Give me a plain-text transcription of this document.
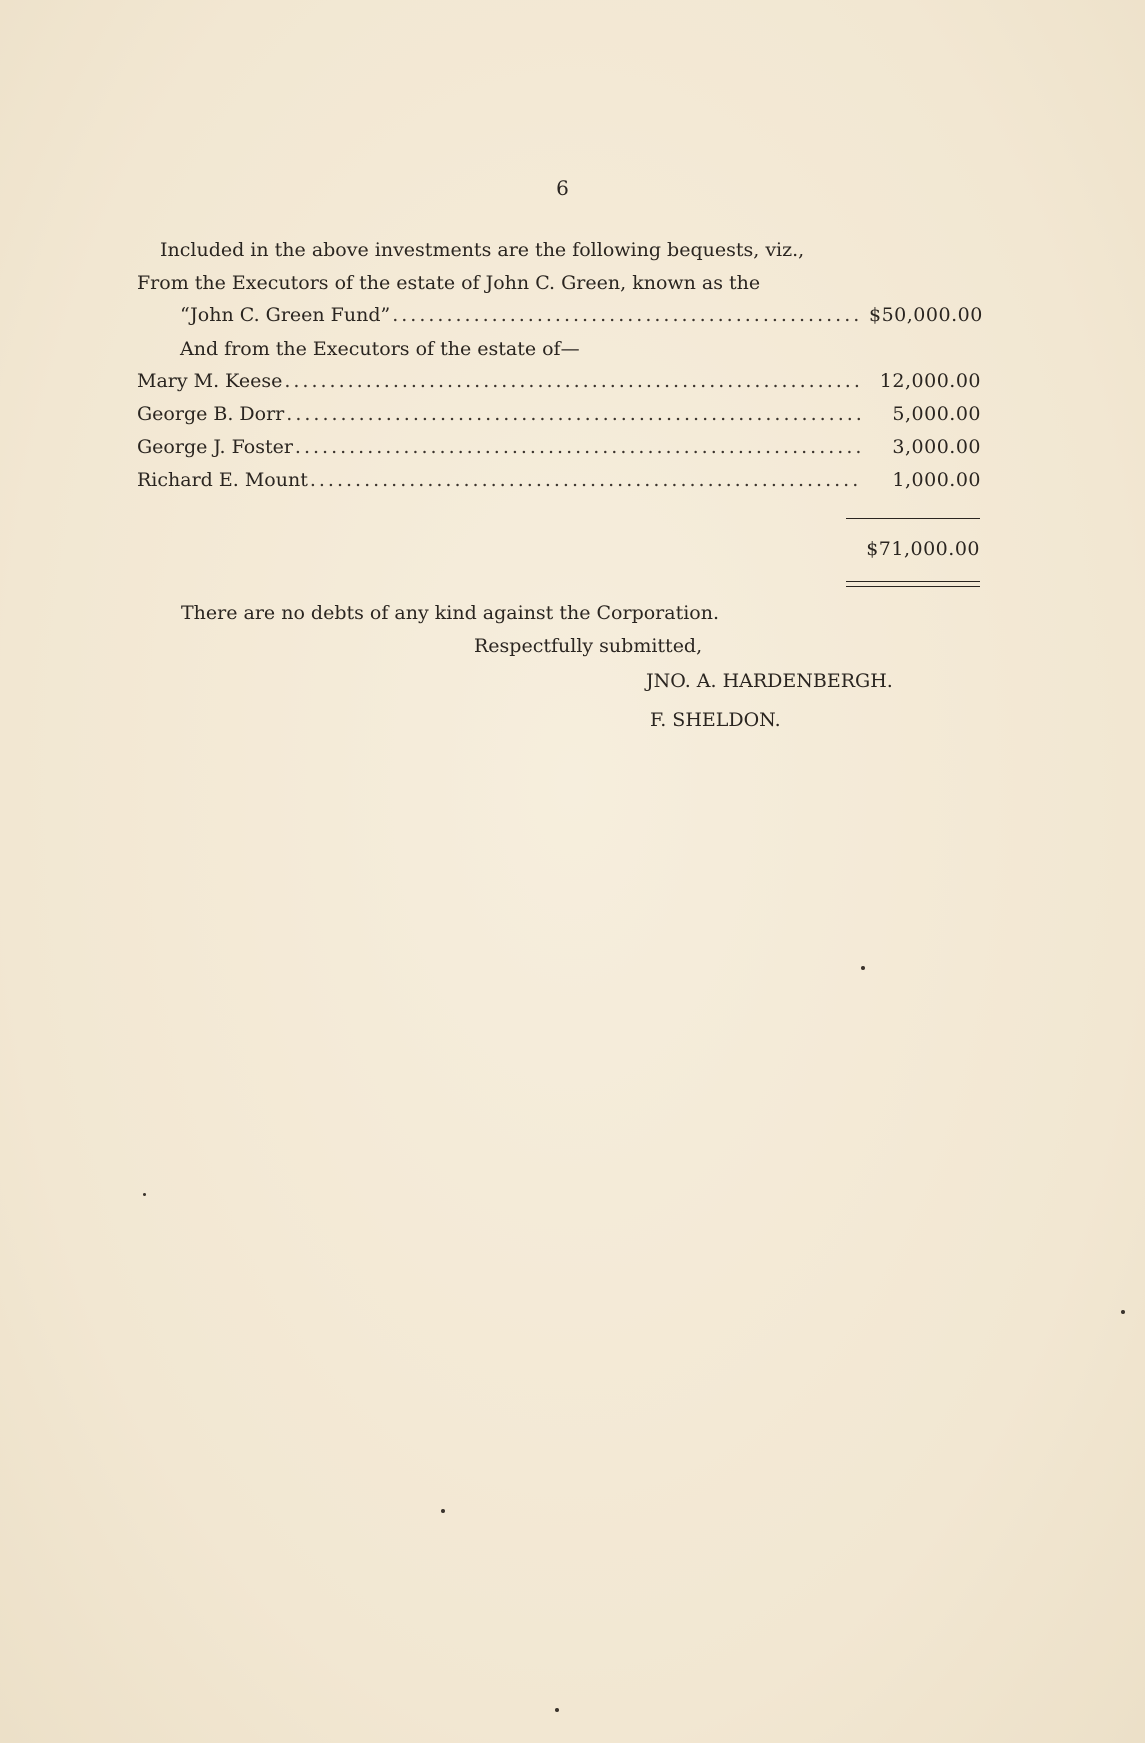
6
Included in the above investments are the following bequests, viz.,
From the Executors of the estate of John C. Green, known as the
“John C. Green Fund” .....	$50,000.00
And from the Executors of the estate of—
Mary M. Keese .....	12,000.00
George B. Dorr .....	5,000.00
George J. Foster .....	3,000.00
Richard E. Mount .....	1,000.00
$71,000.00
There are no debts of any kind against the Corporation.
Respectfully submitted,
JNO. A. HARDENBERGH.
F. SHELDON.
